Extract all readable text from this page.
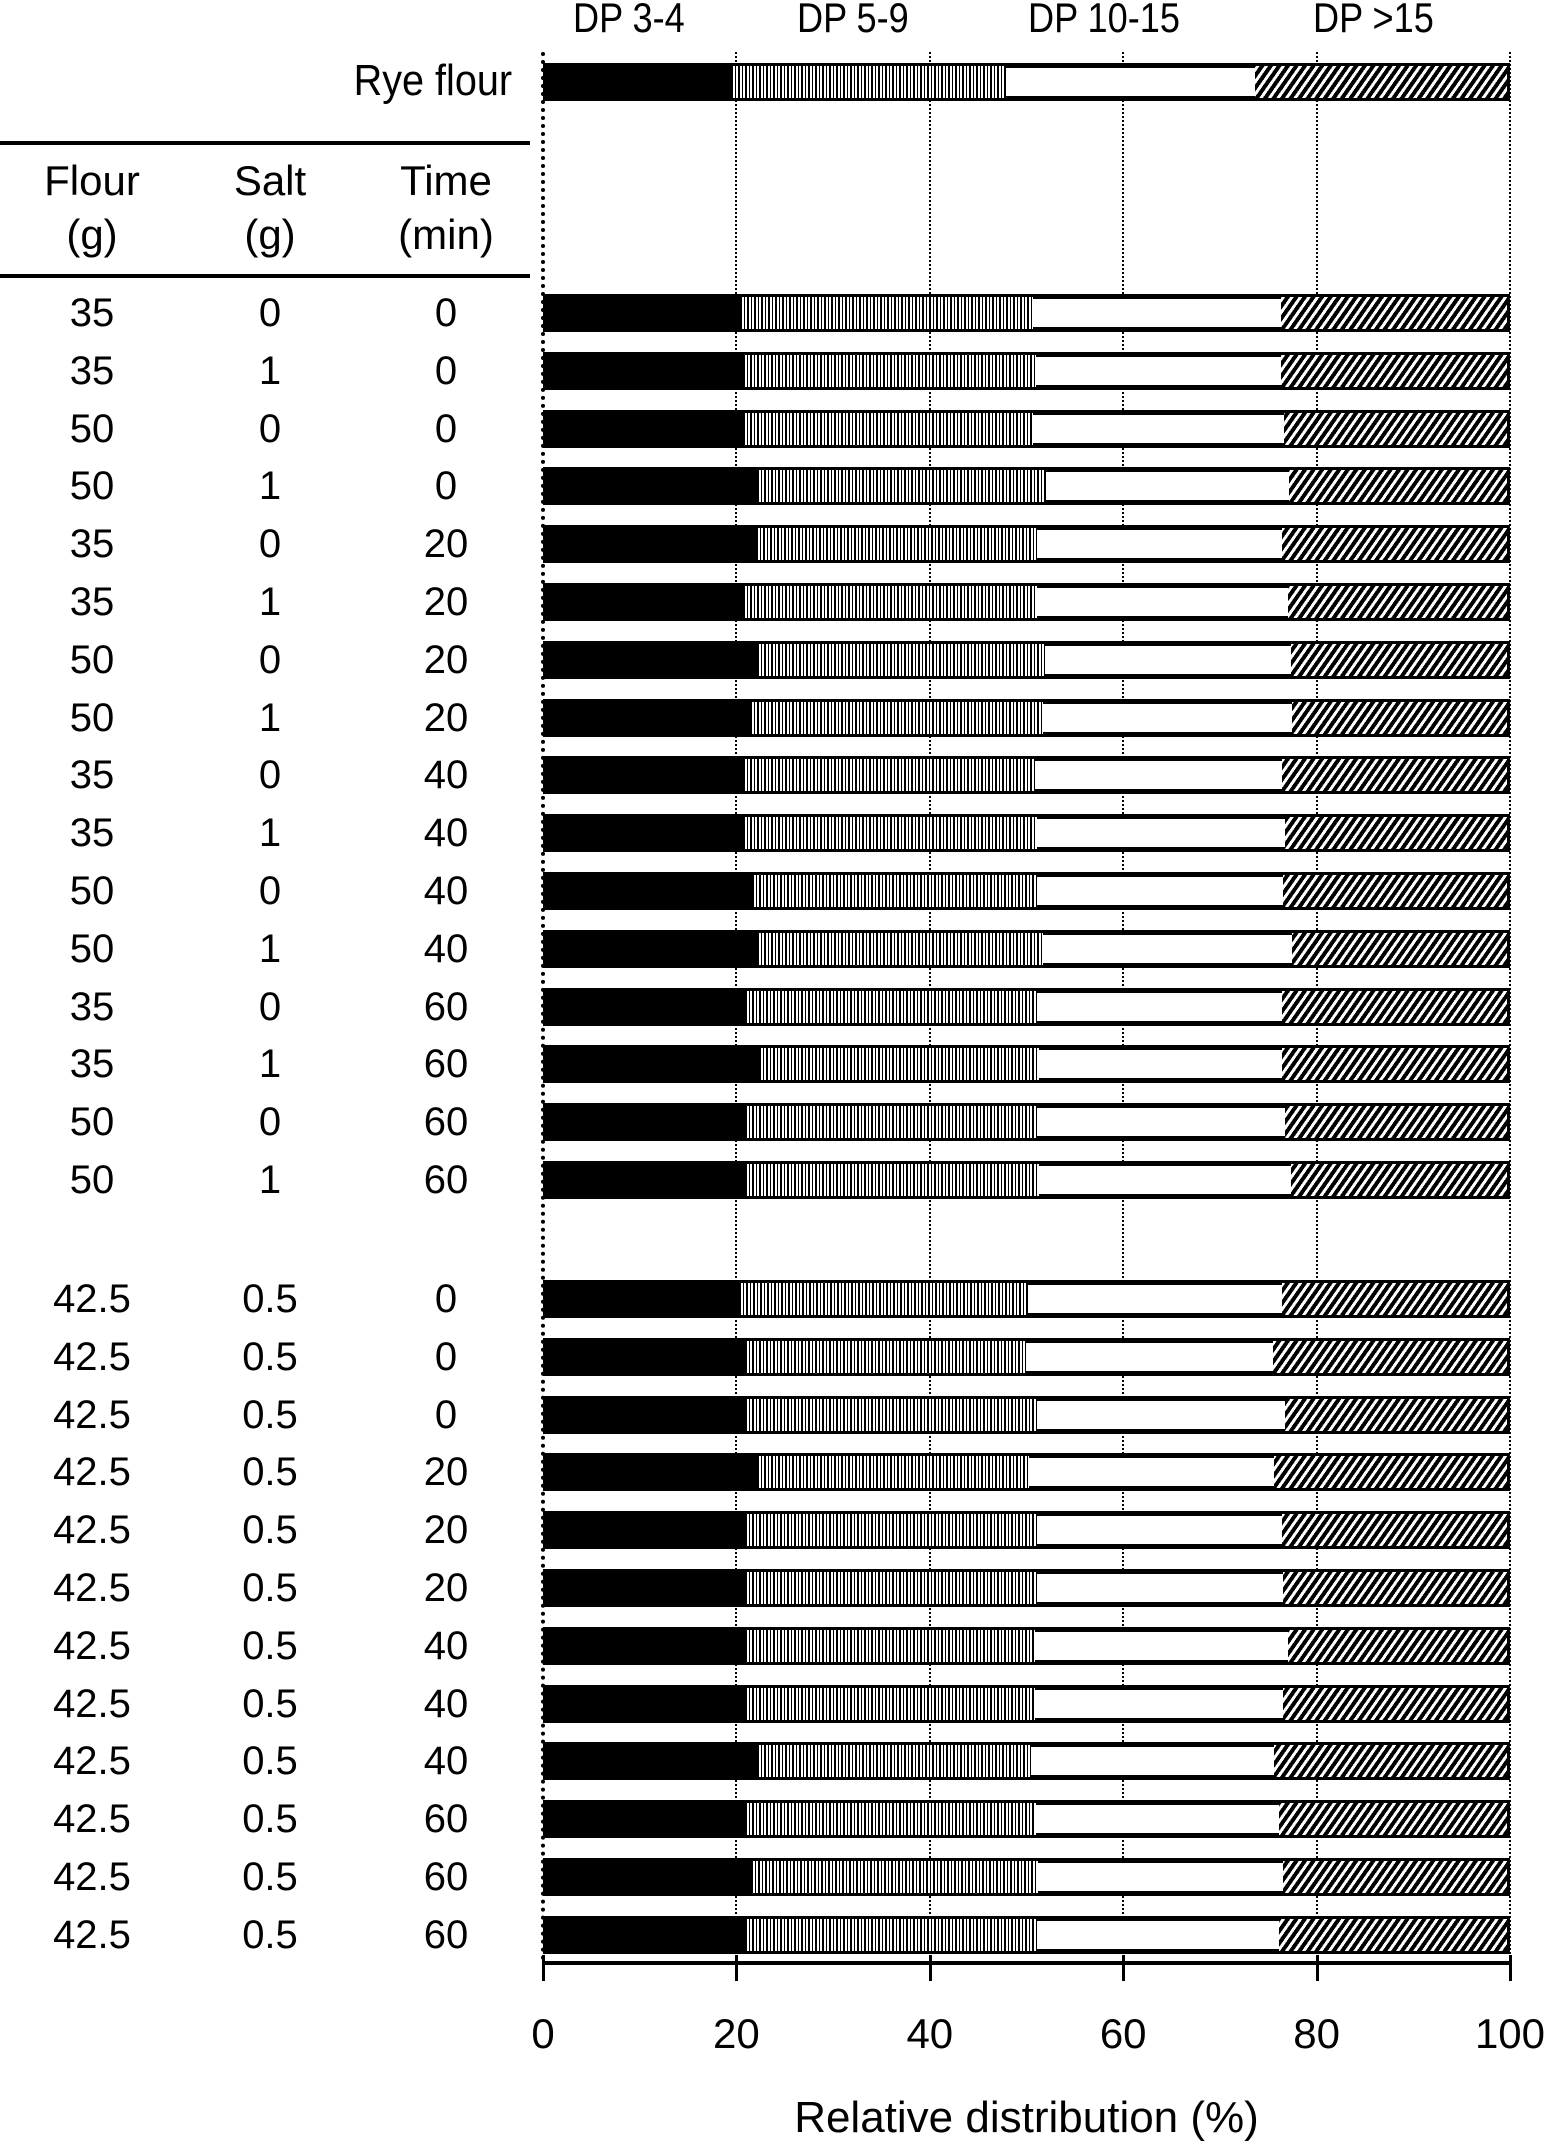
DP 3-4	DP 5-9	DP 10-15	DP >15
Rye flour
Flour
(g)
Salt
(g)
Time
(min)
35	0	0
35	1	0
50	0	0
50	1	0
35	0	20
35	1	20
50	0	20
50	1	20
35	0	40
35	1	40
50	0	40
50	1	40
35	0	60
35	1	60
50	0	60
50	1	60
42.5	0.5	0
42.5	0.5	0
42.5	0.5	0
42.5	0.5	20
42.5	0.5	20
42.5	0.5	20
42.5	0.5	40
42.5	0.5	40
42.5	0.5	40
42.5	0.5	60
42.5	0.5	60
42.5	0.5	60
0	20	40	60	80	100
Relative distribution (%)
